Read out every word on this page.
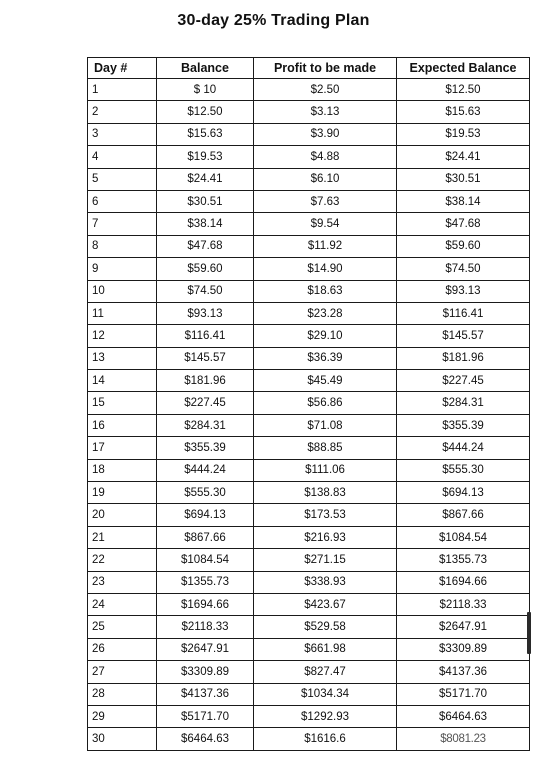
30-day 25% Trading Plan
Day #	Balance	Profit to be made	Expected Balance
1	$ 10	$2.50	$12.50
2	$12.50	$3.13	$15.63
3	$15.63	$3.90	$19.53
4	$19.53	$4.88	$24.41
5	$24.41	$6.10	$30.51
6	$30.51	$7.63	$38.14
7	$38.14	$9.54	$47.68
8	$47.68	$11.92	$59.60
9	$59.60	$14.90	$74.50
10	$74.50	$18.63	$93.13
11	$93.13	$23.28	$116.41
12	$116.41	$29.10	$145.57
13	$145.57	$36.39	$181.96
14	$181.96	$45.49	$227.45
15	$227.45	$56.86	$284.31
16	$284.31	$71.08	$355.39
17	$355.39	$88.85	$444.24
18	$444.24	$111.06	$555.30
19	$555.30	$138.83	$694.13
20	$694.13	$173.53	$867.66
21	$867.66	$216.93	$1084.54
22	$1084.54	$271.15	$1355.73
23	$1355.73	$338.93	$1694.66
24	$1694.66	$423.67	$2118.33
25	$2118.33	$529.58	$2647.91
26	$2647.91	$661.98	$3309.89
27	$3309.89	$827.47	$4137.36
28	$4137.36	$1034.34	$5171.70
29	$5171.70	$1292.93	$6464.63
30	$6464.63	$1616.6	$8081.23
